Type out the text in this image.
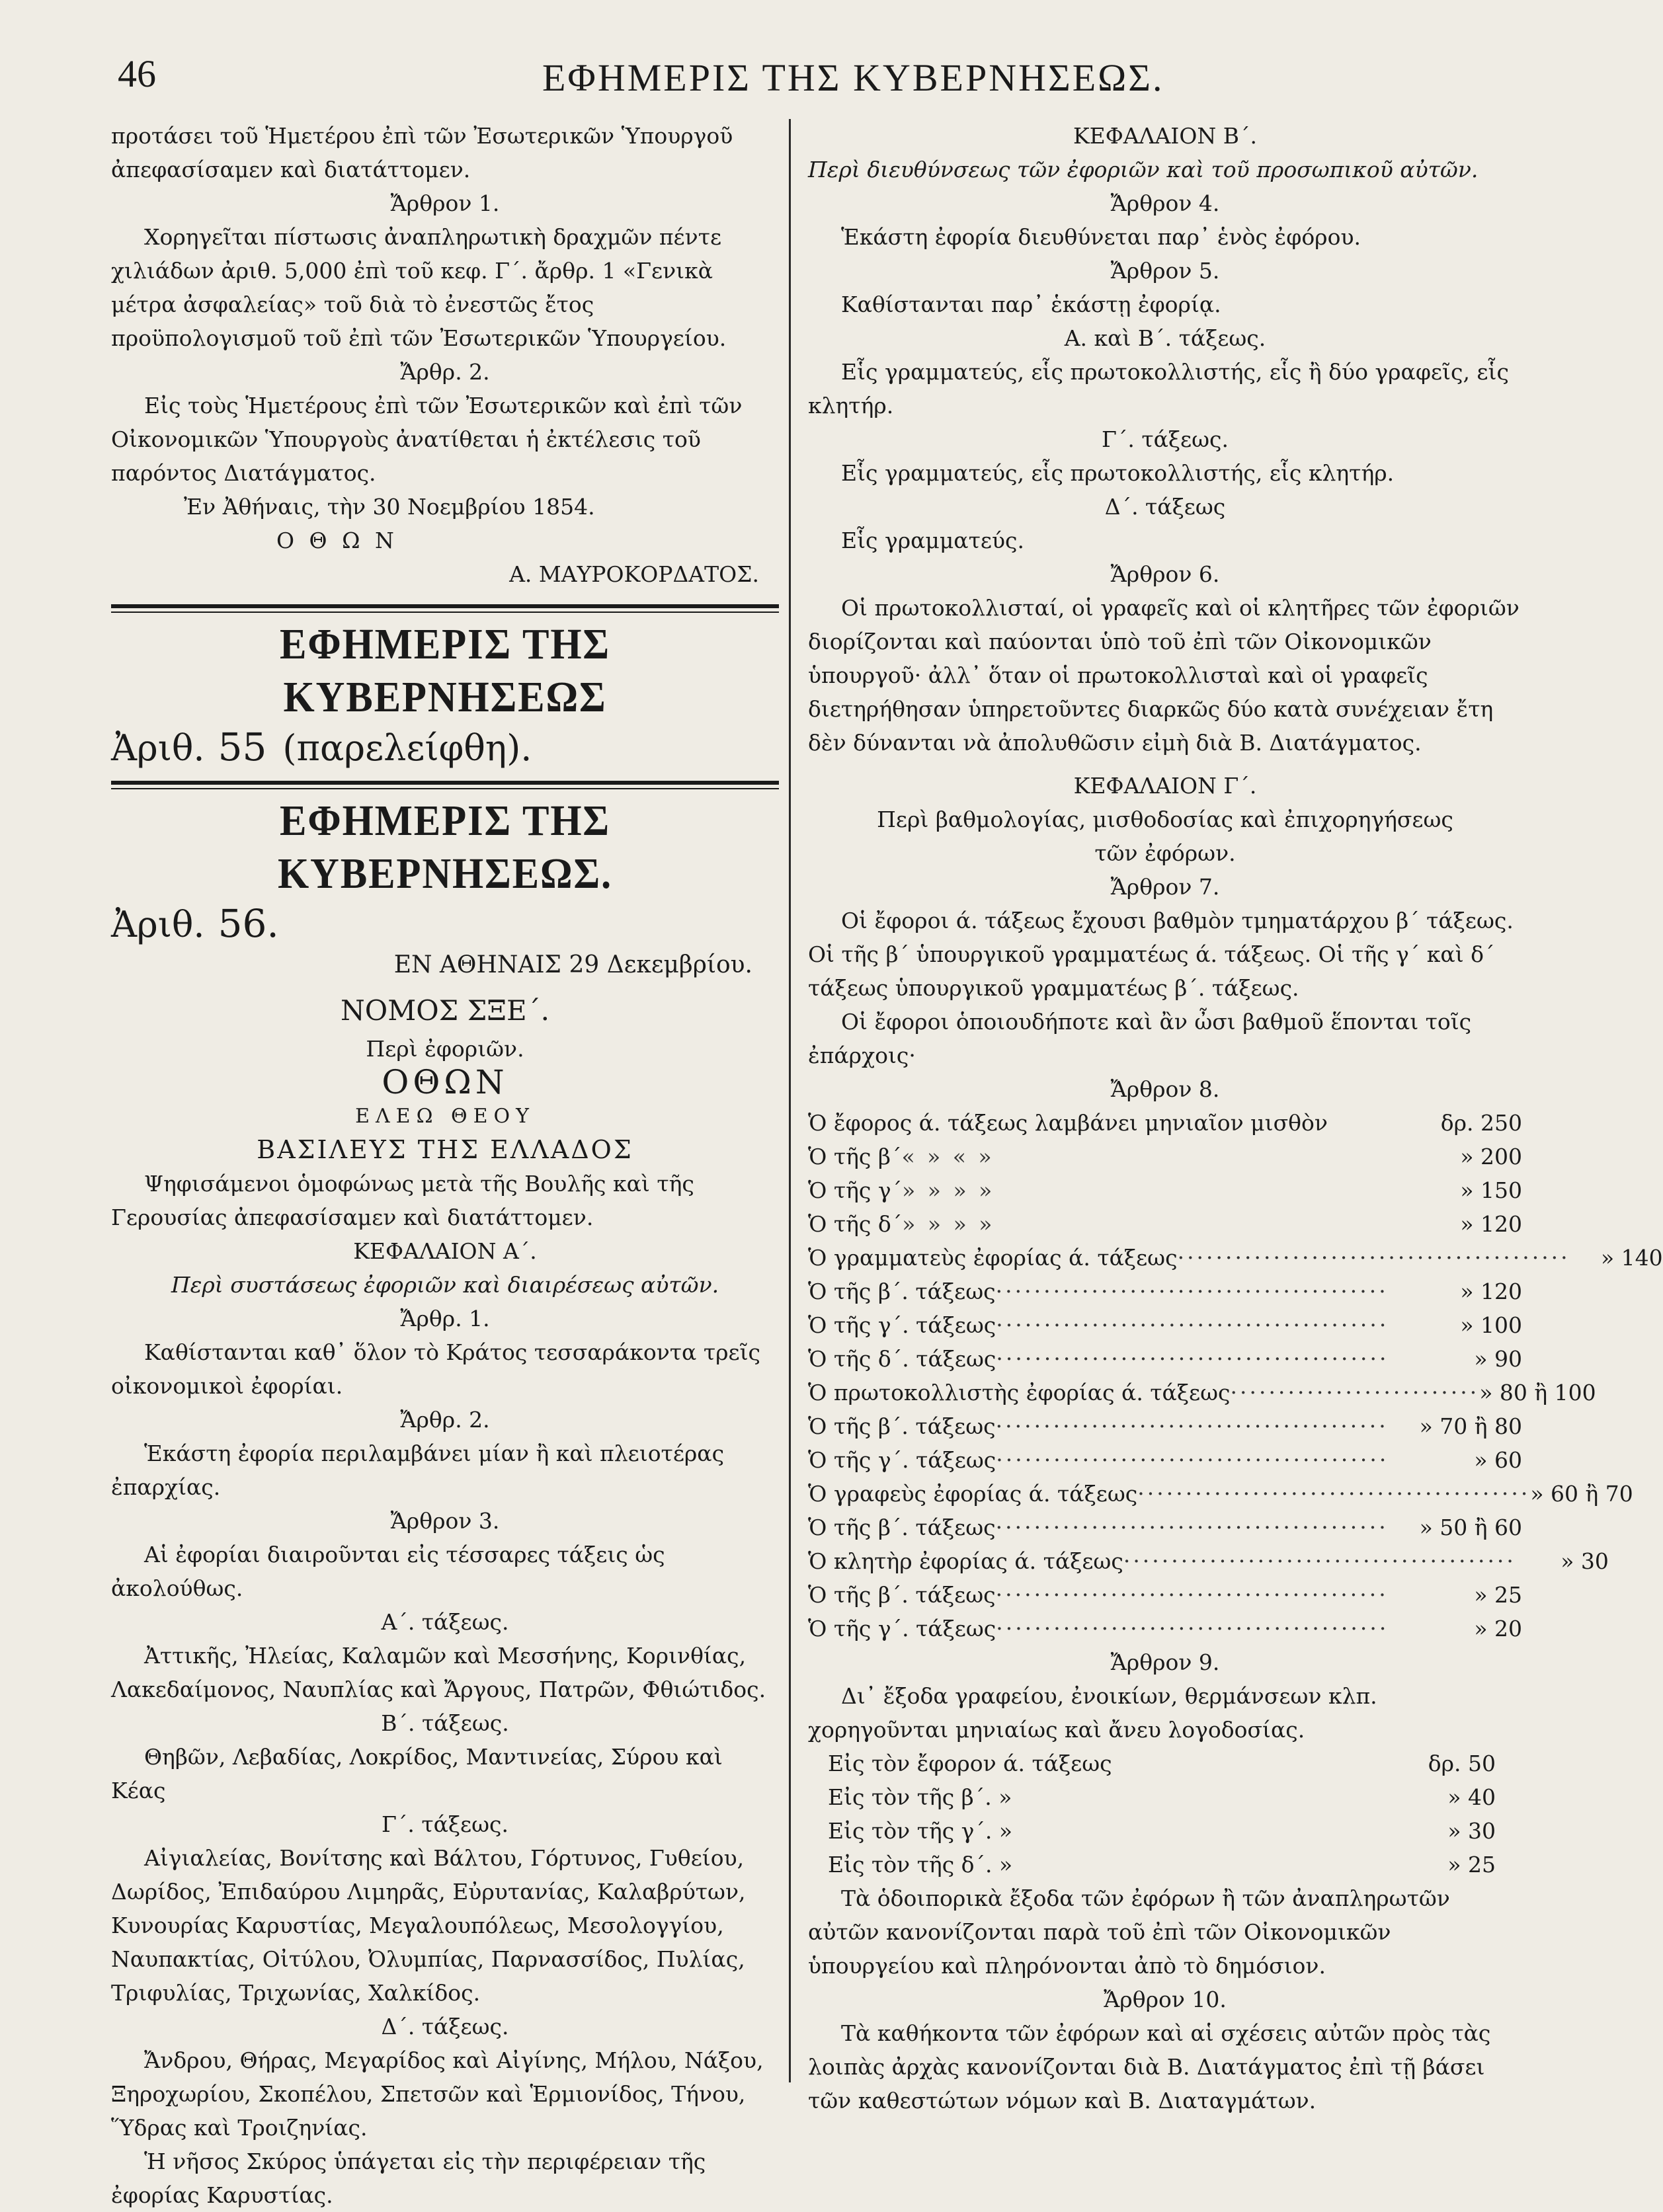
46	ΕΦΗΜΕΡΙΣ ΤΗΣ ΚΥΒΕΡΝΗΣΕΩΣ.

προτάσει τοῦ Ἡμετέρου ἐπὶ τῶν Ἐσωτερικῶν Ὑπουργοῦ ἀπεφασίσαμεν καὶ διατάττομεν.

Ἄρθρον 1.

Χορηγεῖται πίστωσις ἀναπληρωτικὴ δραχμῶν πέντε χιλιάδων ἀριθ. 5,000 ἐπὶ τοῦ κεφ. Γ΄. ἄρθρ. 1 «Γενικὰ μέτρα ἀσφαλείας» τοῦ διὰ τὸ ἐνεστῶς ἔτος προϋπολογισμοῦ τοῦ ἐπὶ τῶν Ἐσωτερικῶν Ὑπουργείου.

Ἄρθρ. 2.

Εἰς τοὺς Ἡμετέρους ἐπὶ τῶν Ἐσωτερικῶν καὶ ἐπὶ τῶν Οἰκονομικῶν Ὑπουργοὺς ἀνατίθεται ἡ ἐκτέλεσις τοῦ παρόντος Διατάγματος.

Ἐν Ἀθήναις, τὴν 30 Νοεμβρίου 1854.

Ο Θ Ω Ν

Α. ΜΑΥΡΟΚΟΡΔΑΤΟΣ.

ΕΦΗΜΕΡΙΣ ΤΗΣ ΚΥΒΕΡΝΗΣΕΩΣ

Ἀριθ. 55 (παρελείφθη).

ΕΦΗΜΕΡΙΣ ΤΗΣ ΚΥΒΕΡΝΗΣΕΩΣ.

Ἀριθ. 56.

ΕΝ ΑΘΗΝΑΙΣ 29 Δεκεμβρίου.

ΝΟΜΟΣ ΣΞΕ΄.

Περὶ ἐφοριῶν.

ΟΘΩΝ

ΕΛΕΩ ΘΕΟΥ

ΒΑΣΙΛΕΥΣ ΤΗΣ ΕΛΛΑΔΟΣ

Ψηφισάμενοι ὁμοφώνως μετὰ τῆς Βουλῆς καὶ τῆς Γερουσίας ἀπεφασίσαμεν καὶ διατάττομεν.

ΚΕΦΑΛΑΙΟΝ Α΄.

Περὶ συστάσεως ἐφοριῶν καὶ διαιρέσεως αὐτῶν.

Ἄρθρ. 1.

Καθίστανται καθ᾿ ὅλον τὸ Κράτος τεσσαράκοντα τρεῖς οἰκονομικοὶ ἐφορίαι.

Ἄρθρ. 2.

Ἑκάστη ἐφορία περιλαμβάνει μίαν ἢ καὶ πλειοτέρας ἐπαρχίας.

Ἄρθρον 3.

Αἱ ἐφορίαι διαιροῦνται εἰς τέσσαρες τάξεις ὡς ἀκολούθως.

Α΄. τάξεως.

Ἀττικῆς, Ἠλείας, Καλαμῶν καὶ Μεσσήνης, Κορινθίας, Λακεδαίμονος, Ναυπλίας καὶ Ἄργους, Πατρῶν, Φθιώτιδος.

Β΄. τάξεως.

Θηβῶν, Λεβαδίας, Λοκρίδος, Μαντινείας, Σύρου καὶ Κέας

Γ΄. τάξεως.

Αἰγιαλείας, Βονίτσης καὶ Βάλτου, Γόρτυνος, Γυθείου, Δωρίδος, Ἐπιδαύρου Λιμηρᾶς, Εὐρυτανίας, Καλαβρύτων, Κυνουρίας Καρυστίας, Μεγαλουπόλεως, Μεσολογγίου, Ναυπακτίας, Οἰτύλου, Ὀλυμπίας, Παρνασσίδος, Πυλίας, Τριφυλίας, Τριχωνίας, Χαλκίδος.

Δ΄. τάξεως.

Ἄνδρου, Θήρας, Μεγαρίδος καὶ Αἰγίνης, Μήλου, Νάξου, Ξηροχωρίου, Σκοπέλου, Σπετσῶν καὶ Ἑρμιονίδος, Τήνου, Ὕδρας καὶ Τροιζηνίας.

Ἡ νῆσος Σκύρος ὑπάγεται εἰς τὴν περιφέρειαν τῆς ἐφορίας Καρυστίας.

ΚΕΦΑΛΑΙΟΝ Β΄.

Περὶ διευθύνσεως τῶν ἐφοριῶν καὶ τοῦ προσωπικοῦ αὐτῶν.

Ἄρθρον 4.

Ἑκάστη ἐφορία διευθύνεται παρ᾿ ἑνὸς ἐφόρου.

Ἄρθρον 5.

Καθίστανται παρ᾿ ἑκάστῃ ἐφορίᾳ.

Α. καὶ Β΄. τάξεως.

Εἷς γραμματεύς, εἷς πρωτοκολλιστής, εἷς ἢ δύο γραφεῖς, εἷς κλητήρ.

Γ΄. τάξεως.

Εἷς γραμματεύς, εἷς πρωτοκολλιστής, εἷς κλητήρ.

Δ΄. τάξεως

Εἷς γραμματεύς.

Ἄρθρον 6.

Οἱ πρωτοκολλισταί, οἱ γραφεῖς καὶ οἱ κλητῆρες τῶν ἐφοριῶν διορίζονται καὶ παύονται ὑπὸ τοῦ ἐπὶ τῶν Οἰκονομικῶν ὑπουργοῦ· ἀλλ᾿ ὅταν οἱ πρωτοκολλισταὶ καὶ οἱ γραφεῖς διετηρήθησαν ὑπηρετοῦντες διαρκῶς δύο κατὰ συνέχειαν ἔτη δὲν δύνανται νὰ ἀπολυθῶσιν εἰμὴ διὰ Β. Διατάγματος.

ΚΕΦΑΛΑΙΟΝ Γ΄.

Περὶ βαθμολογίας, μισθοδοσίας καὶ ἐπιχορηγήσεως

τῶν ἐφόρων.

Ἄρθρον 7.

Οἱ ἔφοροι ά. τάξεως ἔχουσι βαθμὸν τμηματάρχου β΄ τάξεως. Οἱ τῆς β΄ ὑπουργικοῦ γραμματέως ά. τάξεως. Οἱ τῆς γ΄ καὶ δ΄ τάξεως ὑπουργικοῦ γραμματέως β΄. τάξεως.

Οἱ ἔφοροι ὁποιουδήποτε καὶ ἂν ὦσι βαθμοῦ ἕπονται τοῖς ἐπάρχοις·

Ἄρθρον 8.

Ὁ ἔφορος ά. τάξεως λαμβάνει μηνιαῖον μισθὸν	δρ. 250
Ὁ τῆς β΄ « » « »	» 200
Ὁ τῆς γ΄ » » » »	» 150
Ὁ τῆς δ΄ » » » »	» 120
Ὁ γραμματεὺς ἐφορίας ά. τάξεως ·········································	» 140
Ὁ τῆς β΄. τάξεως ·········································	» 120
Ὁ τῆς γ΄. τάξεως ·········································	» 100
Ὁ τῆς δ΄. τάξεως ·········································	» 90
Ὁ πρωτοκολλιστὴς ἐφορίας ά. τάξεως ·························· » 80 ἢ 100
Ὁ τῆς β΄. τάξεως ·········································	» 70 ἢ 80
Ὁ τῆς γ΄. τάξεως ·········································	» 60
Ὁ γραφεὺς ἐφορίας ά. τάξεως ········································· » 60 ἢ 70
Ὁ τῆς β΄. τάξεως ·········································	» 50 ἢ 60
Ὁ κλητὴρ ἐφορίας ά. τάξεως ·········································	» 30
Ὁ τῆς β΄. τάξεως ·········································	» 25
Ὁ τῆς γ΄. τάξεως ·········································	» 20

Ἄρθρον 9.

Δι᾿ ἔξοδα γραφείου, ἐνοικίων, θερμάνσεων κλπ. χορηγοῦνται μηνιαίως καὶ ἄνευ λογοδοσίας.

Εἰς τὸν ἔφορον ά. τάξεως	δρ. 50
Εἰς τὸν τῆς β΄. »	» 40
Εἰς τὸν τῆς γ΄. »	» 30
Εἰς τὸν τῆς δ΄. »	» 25

Τὰ ὁδοιπορικὰ ἔξοδα τῶν ἐφόρων ἢ τῶν ἀναπληρωτῶν αὐτῶν κανονίζονται παρὰ τοῦ ἐπὶ τῶν Οἰκονομικῶν ὑπουργείου καὶ πληρόνονται ἀπὸ τὸ δημόσιον.

Ἄρθρον 10.

Τὰ καθήκοντα τῶν ἐφόρων καὶ αἱ σχέσεις αὐτῶν πρὸς τὰς λοιπὰς ἀρχὰς κανονίζονται διὰ Β. Διατάγματος ἐπὶ τῇ βάσει τῶν καθεστώτων νόμων καὶ Β. Διαταγμάτων.
